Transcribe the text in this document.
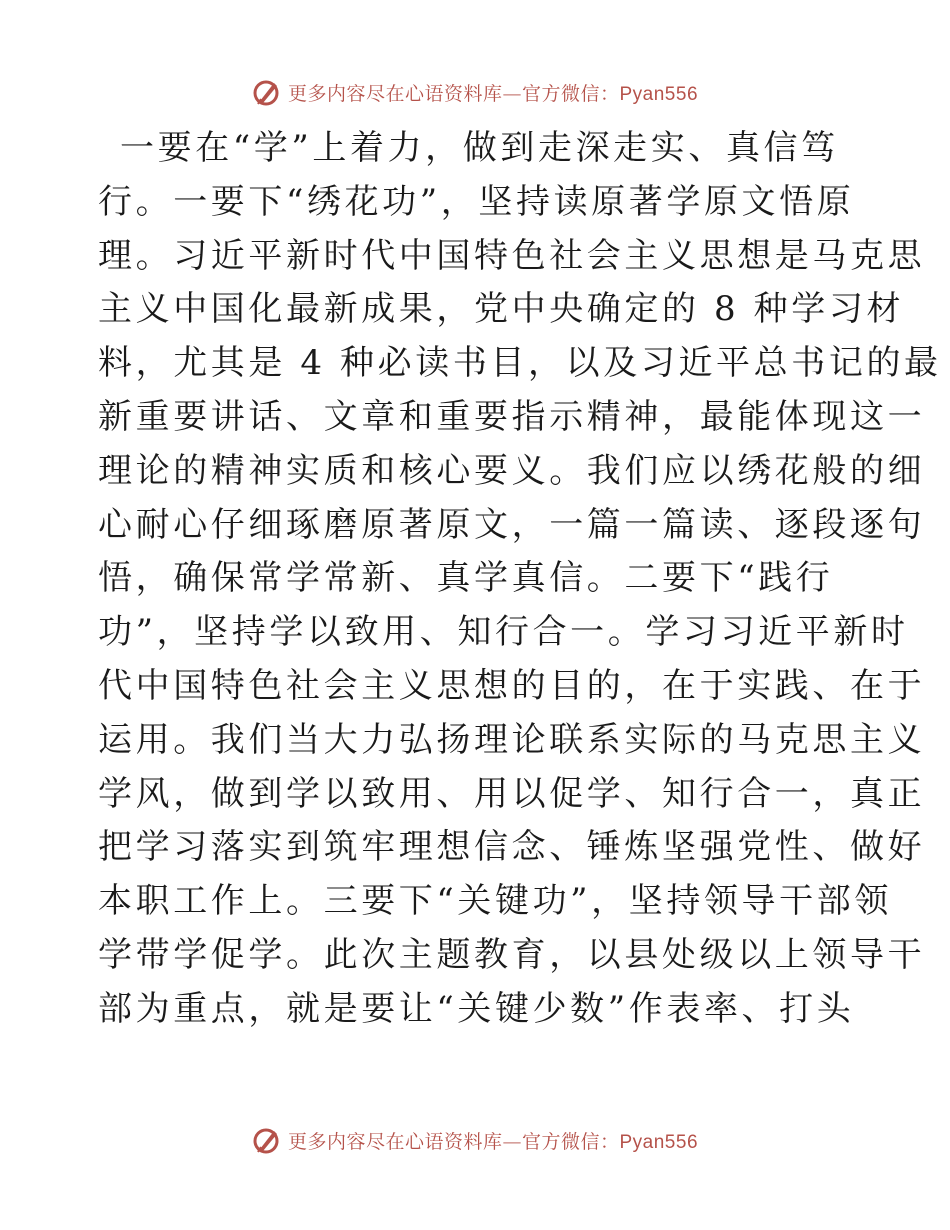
更多内容尽在心语资料库—官方微信：Pyan556
一要在“学”上着力，做到走深走实、真信笃
行。一要下“绣花功”，坚持读原著学原文悟原
理。习近平新时代中国特色社会主义思想是马克思
主义中国化最新成果，党中央确定的 8 种学习材
料，尤其是 4 种必读书目，以及习近平总书记的最
新重要讲话、文章和重要指示精神，最能体现这一
理论的精神实质和核心要义。我们应以绣花般的细
心耐心仔细琢磨原著原文，一篇一篇读、逐段逐句
悟，确保常学常新、真学真信。二要下“践行
功”，坚持学以致用、知行合一。学习习近平新时
代中国特色社会主义思想的目的，在于实践、在于
运用。我们当大力弘扬理论联系实际的马克思主义
学风，做到学以致用、用以促学、知行合一，真正
把学习落实到筑牢理想信念、锤炼坚强党性、做好
本职工作上。三要下“关键功”，坚持领导干部领
学带学促学。此次主题教育，以县处级以上领导干
部为重点，就是要让“关键少数”作表率、打头
更多内容尽在心语资料库—官方微信：Pyan556
